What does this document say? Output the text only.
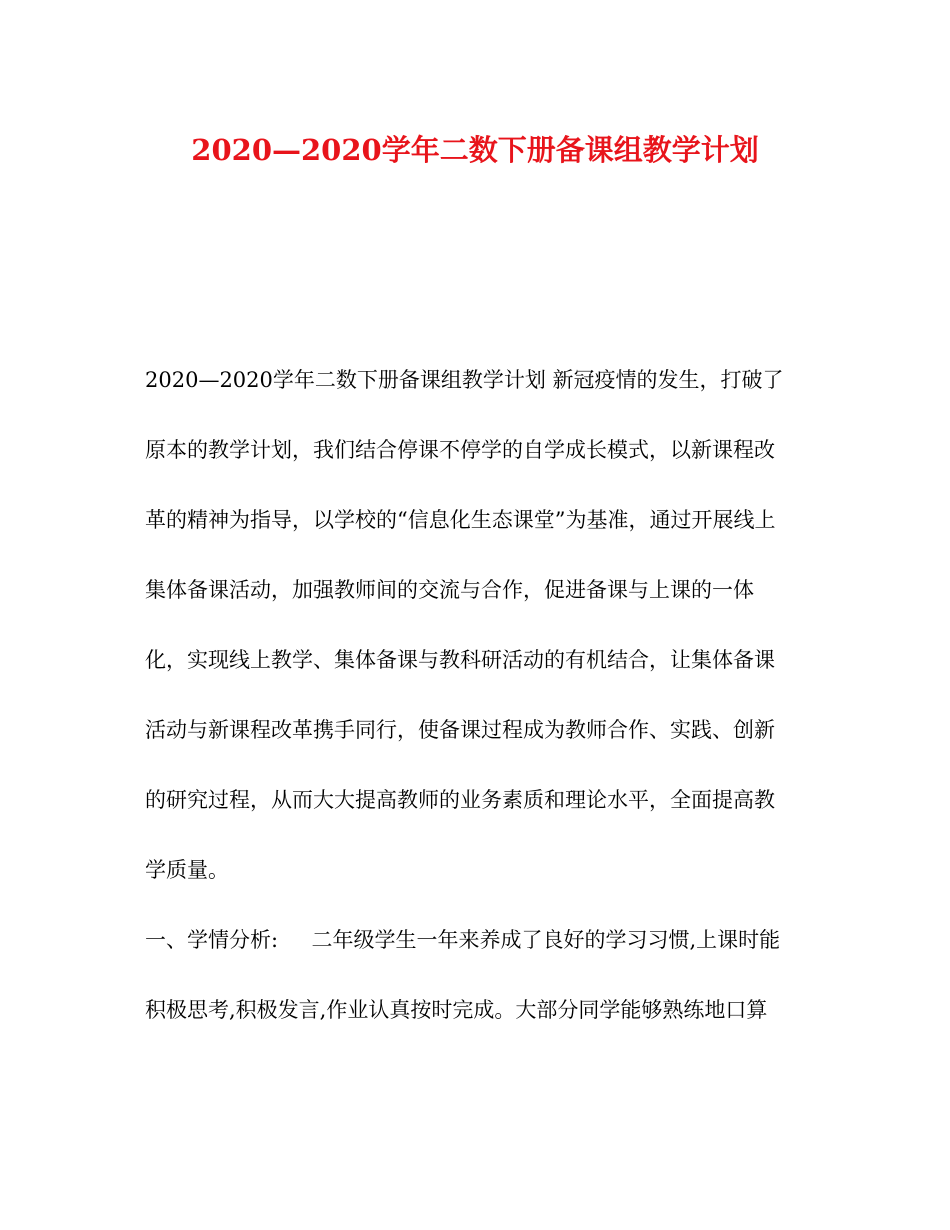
2020—2020学年二数下册备课组教学计划
2020—2020学年二数下册备课组教学计划 新冠疫情的发生，打破了
原本的教学计划，我们结合停课不停学的自学成长模式，以新课程改
革的精神为指导，以学校的“信息化生态课堂”为基准，通过开展线上
集体备课活动，加强教师间的交流与合作，促进备课与上课的一体
化，实现线上教学、集体备课与教科研活动的有机结合，让集体备课
活动与新课程改革携手同行，使备课过程成为教师合作、实践、创新
的研究过程，从而大大提高教师的业务素质和理论水平，全面提高教
学质量。
一、学情分析:     二年级学生一年来养成了良好的学习习惯,上课时能
积极思考,积极发言,作业认真按时完成。大部分同学能够熟练地口算
